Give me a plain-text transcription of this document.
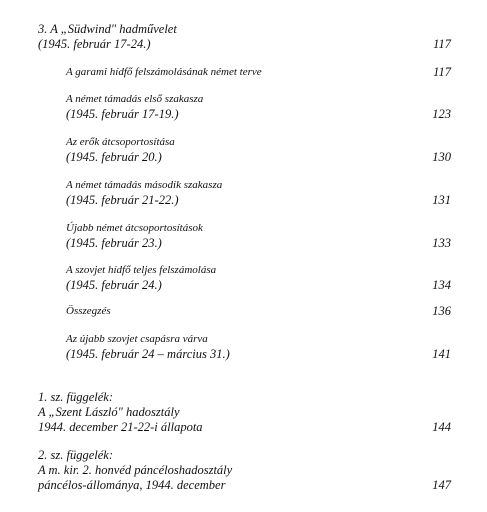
3. A „Südwind" hadművelet
(1945. február 17-24.)	117
A garami hídfő felszámolásának német terve	117
A német támadás első szakasza
(1945. február 17-19.)	123
Az erők átcsoportosítása
(1945. február 20.)	130
A német támadás második szakasza
(1945. február 21-22.)	131
Újabb német átcsoportosítások
(1945. február 23.)	133
A szovjet hídfő teljes felszámolása
(1945. február 24.)	134
Összegzés	136
Az újabb szovjet csapásra várva
(1945. február 24 – március 31.)	141
1. sz. függelék:
A „Szent László" hadosztály
1944. december 21-22-i állapota	144
2. sz. függelék:
A m. kir. 2. honvéd páncéloshadosztály
páncélos-állománya, 1944. december	147
